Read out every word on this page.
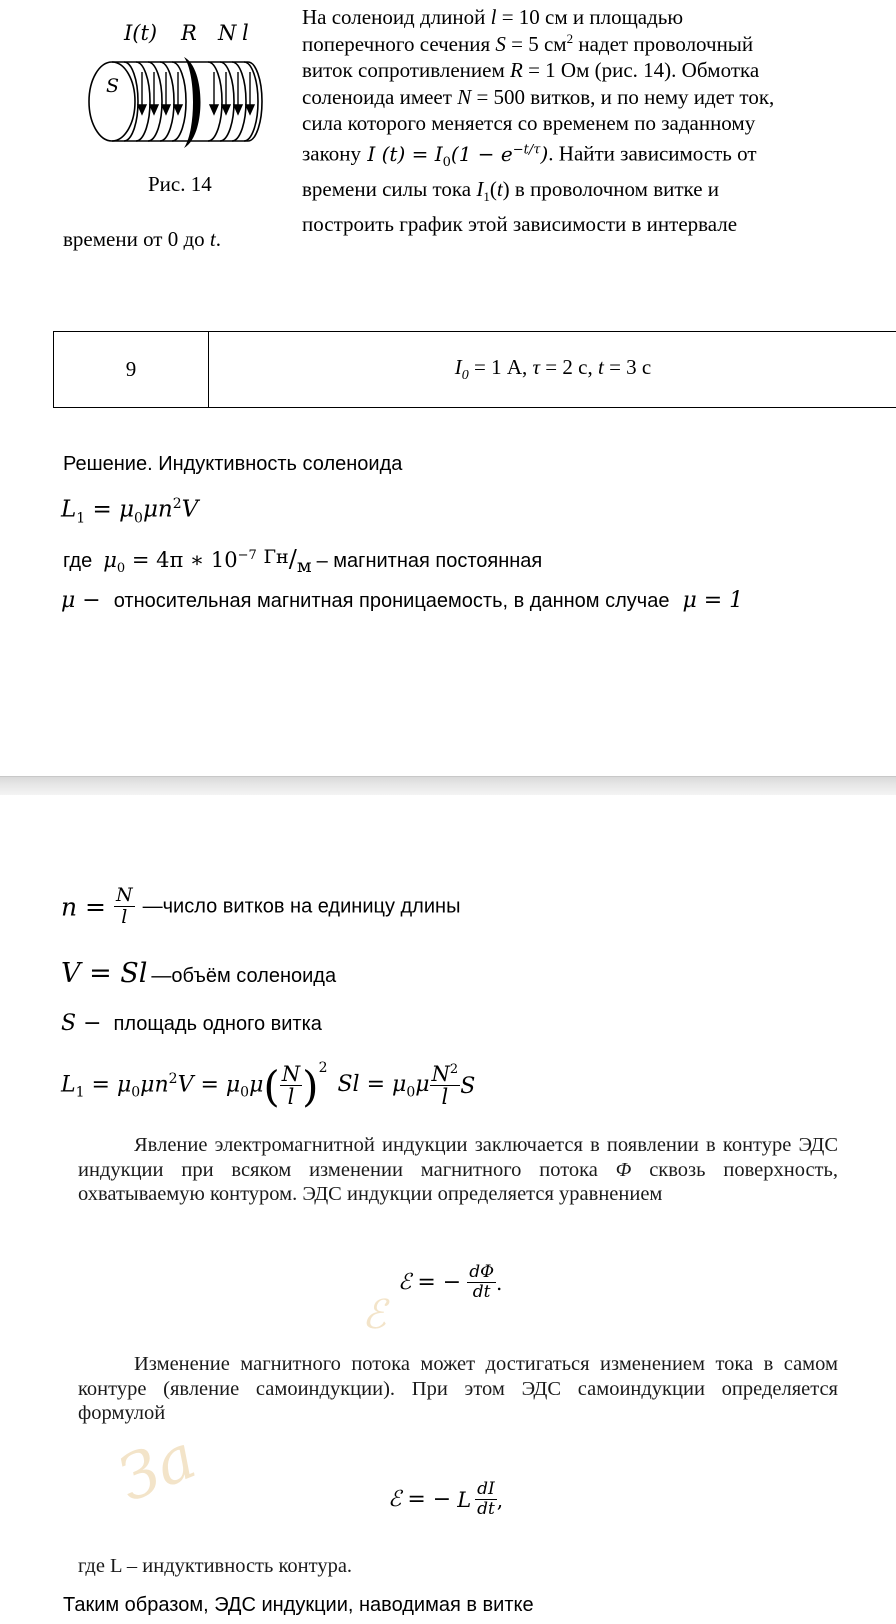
I(t) R N l
S
Рис. 14
На соленоид длиной l = 10 см и площадью
поперечного сечения S = 5 $см^2$ надет проволочный
виток сопротивлением R = 1 Ом (рис. 14). Обмотка
соленоида имеет N = 500 витков, и по нему идет ток,
сила которого меняется со временем по заданному
закону I $(t) = I_0(1 - e^{-t/\tau})$. Найти зависимость от
времени силы тока $I_1(t)$ в проволочном витке и
построить график этой зависимости в интервале
времени от 0 до t.
9	$I_0 = 1$ А, τ = 2 с, t = 3 с
Решение. Индуктивность соленоида
$L_1 = \mu_0\mu n^2V$
где $\mu_0 = 4\pi$ ∗ $10^{-7}$ Гн/м – магнитная постоянная
μ − относительная магнитная проницаемость, в данном случае μ = 1
$n = \frac{N}{l}$ —число витков на единицу длины
V = Sl —объём соленоида
S − площадь одного витка
$L_1 = \mu_0\mu n^2V = \mu_0\mu$ ( $\frac{N}{l}$ ) 2
$Sl = \mu_0\mu \frac{N^2}{l}$ S

Явление электромагнитной индукции заключается в появлении в контуре ЭДС индукции при всяком изменении магнитного потока Φ сквозь поверхность, охватываемую контуром. ЭДС индукции определяется уравнением

ℰ
ℰ = − $\frac{d\Phi}{dt}$ .

Изменение магнитного потока может достигаться изменением тока в самом контуре (явление самоиндукции). При этом ЭДС самоиндукции определяется формулой

За	ℰ = − L $\frac{dI}{dt}$ ,
где L – индуктивность контура.
Таким образом, ЭДС индукции, наводимая в витке
